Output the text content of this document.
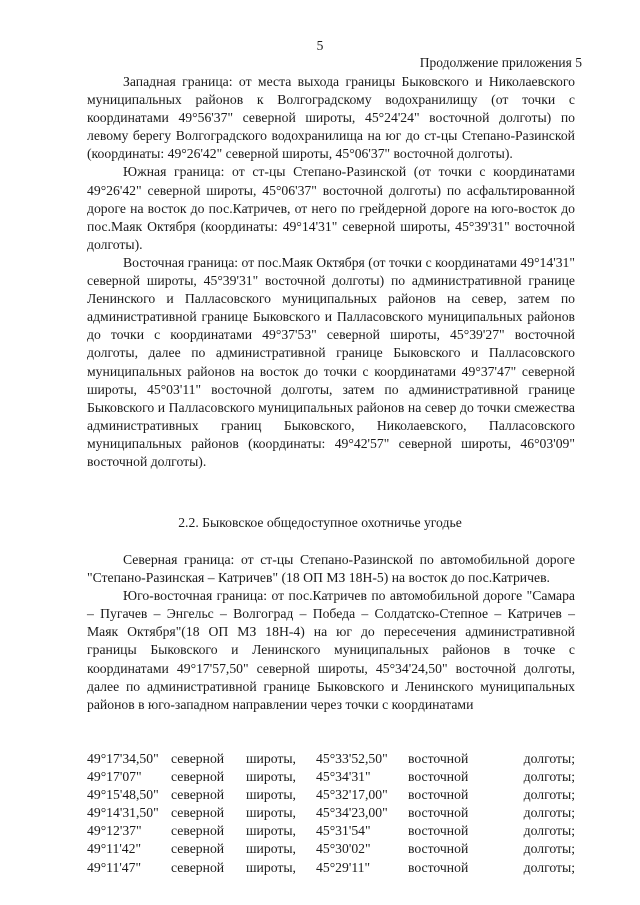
5
Продолжение приложения 5

Западная граница: от места выхода границы Быковского и Николаевского муниципальных районов к Волгоградскому водохранилищу (от точки с координатами 49°56'37" северной широты, 45°24'24" восточной долготы) по левому берегу Волгоградского водохранилища на юг до ст-цы Степано-Разинской (координаты: 49°26'42" северной широты, 45°06'37" восточной долготы).

Южная граница: от ст-цы Степано-Разинской (от точки с координатами 49°26'42" северной широты, 45°06'37" восточной долготы) по асфальтированной дороге на восток до пос.Катричев, от него по грейдерной дороге на юго-восток до пос.Маяк Октября (координаты: 49°14'31" северной широты, 45°39'31" восточной долготы).

Восточная граница: от пос.Маяк Октября (от точки с координатами 49°14'31" северной широты, 45°39'31" восточной долготы) по административной границе Ленинского и Палласовского муниципальных районов на север, затем по административной границе Быковского и Палласовского муниципальных районов до точки с координатами 49°37'53" северной широты, 45°39'27" восточной долготы, далее по административной границе Быковского и Палласовского муниципальных районов на восток до точки с координатами 49°37'47" северной широты, 45°03'11" восточной долготы, затем по административной границе Быковского и Палласовского муниципальных районов на север до точки смежества административных границ Быковского, Николаевского, Палласовского муниципальных районов (координаты: 49°42'57" северной широты, 46°03'09" восточной долготы).

2.2. Быковское общедоступное охотничье угодье

Северная граница: от ст-цы Степано-Разинской по автомобильной дороге "Степано-Разинская – Катричев" (18 ОП МЗ 18Н-5) на восток до пос.Катричев.

Юго-восточная граница: от пос.Катричев по автомобильной дороге "Самара – Пугачев – Энгельс – Волгоград – Победа – Солдатско-Степное – Катричев – Маяк Октября"(18 ОП МЗ 18Н-4) на юг до пересечения административной границы Быковского и Ленинского муниципальных районов в точке с координатами 49°17'57,50" северной широты, 45°34'24,50" восточной долготы, далее по административной границе Быковского и Ленинского муниципальных районов в юго-западном направлении через точки с координатами

49°17'34,50"	северной	широты,	45°33'52,50"	восточной	долготы;
49°17'07"	северной	широты,	45°34'31"	восточной	долготы;
49°15'48,50"	северной	широты,	45°32'17,00"	восточной	долготы;
49°14'31,50"	северной	широты,	45°34'23,00"	восточной	долготы;
49°12'37"	северной	широты,	45°31'54"	восточной	долготы;
49°11'42"	северной	широты,	45°30'02"	восточной	долготы;
49°11'47"	северной	широты,	45°29'11"	восточной	долготы;
